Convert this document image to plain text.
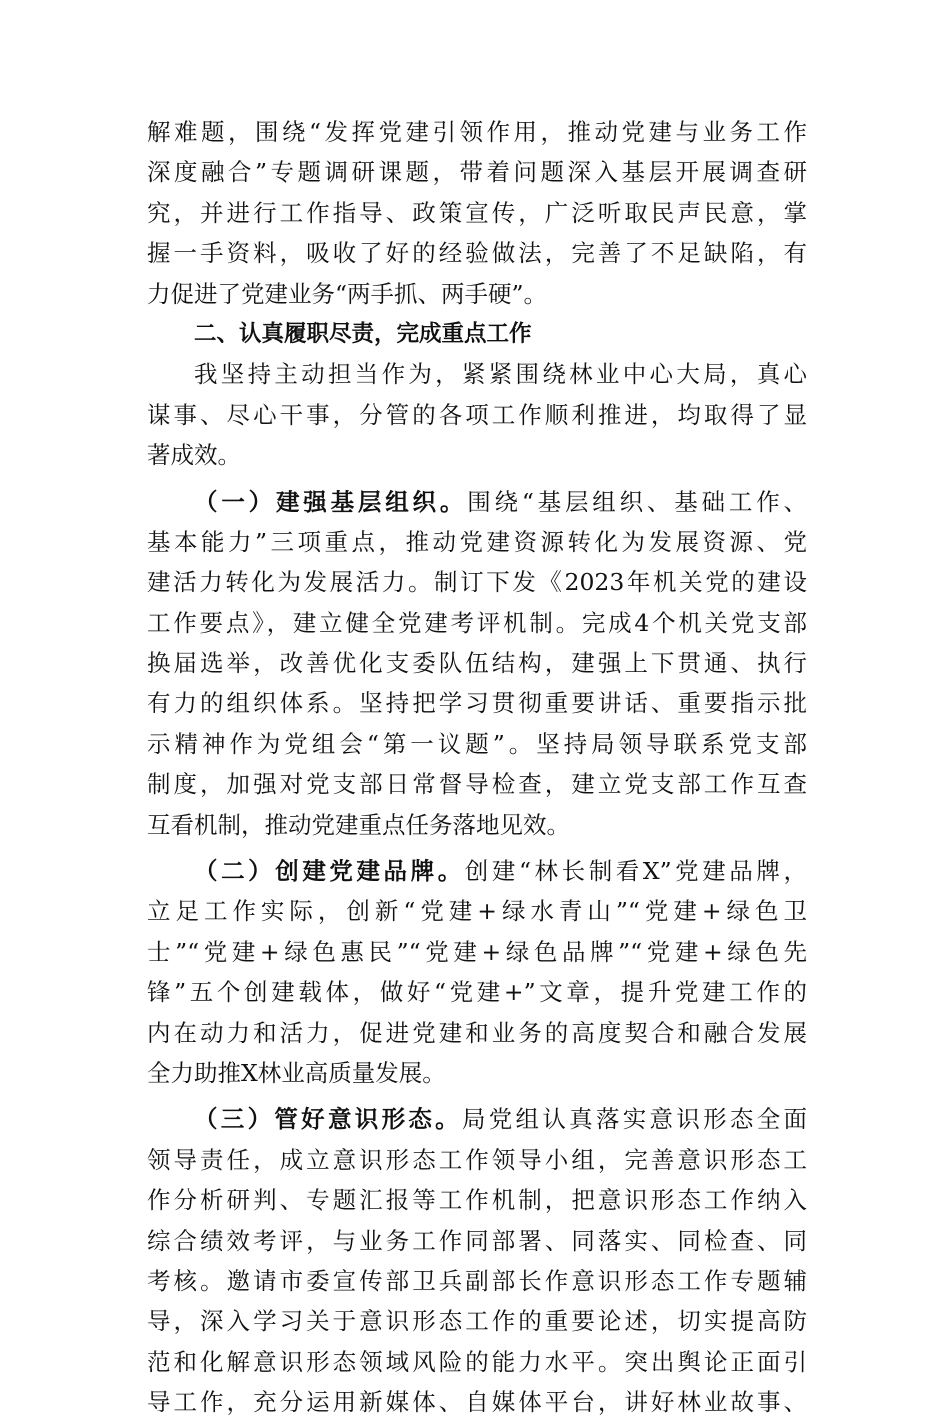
解难题，围绕“发挥党建引领作用，推动党建与业务工作
深度融合”专题调研课题，带着问题深入基层开展调查研
究，并进行工作指导、政策宣传，广泛听取民声民意，掌
握一手资料，吸收了好的经验做法，完善了不足缺陷，有
力促进了党建业务“两手抓、两手硬”。
二、认真履职尽责，完成重点工作
我坚持主动担当作为，紧紧围绕林业中心大局，真心
谋事、尽心干事，分管的各项工作顺利推进，均取得了显
著成效。
（一）建强基层组织。围绕“基层组织、基础工作、
基本能力”三项重点，推动党建资源转化为发展资源、党
建活力转化为发展活力。制订下发《2023年机关党的建设
工作要点》，建立健全党建考评机制。完成4个机关党支部
换届选举，改善优化支委队伍结构，建强上下贯通、执行
有力的组织体系。坚持把学习贯彻重要讲话、重要指示批
示精神作为党组会“第一议题”。坚持局领导联系党支部
制度，加强对党支部日常督导检查，建立党支部工作互查
互看机制，推动党建重点任务落地见效。
（二）创建党建品牌。创建“林长制看X”党建品牌，
立足工作实际，创新“党建+绿水青山”“党建+绿色卫
士”“党建+绿色惠民”“党建+绿色品牌”“党建+绿色先
锋”五个创建载体，做好“党建+”文章，提升党建工作的
内在动力和活力，促进党建和业务的高度契合和融合发展
全力助推X林业高质量发展。
（三）管好意识形态。局党组认真落实意识形态全面
领导责任，成立意识形态工作领导小组，完善意识形态工
作分析研判、专题汇报等工作机制，把意识形态工作纳入
综合绩效考评，与业务工作同部署、同落实、同检查、同
考核。邀请市委宣传部卫兵副部长作意识形态工作专题辅
导，深入学习关于意识形态工作的重要论述，切实提高防
范和化解意识形态领域风险的能力水平。突出舆论正面引
导工作，充分运用新媒体、自媒体平台，讲好林业故事、
